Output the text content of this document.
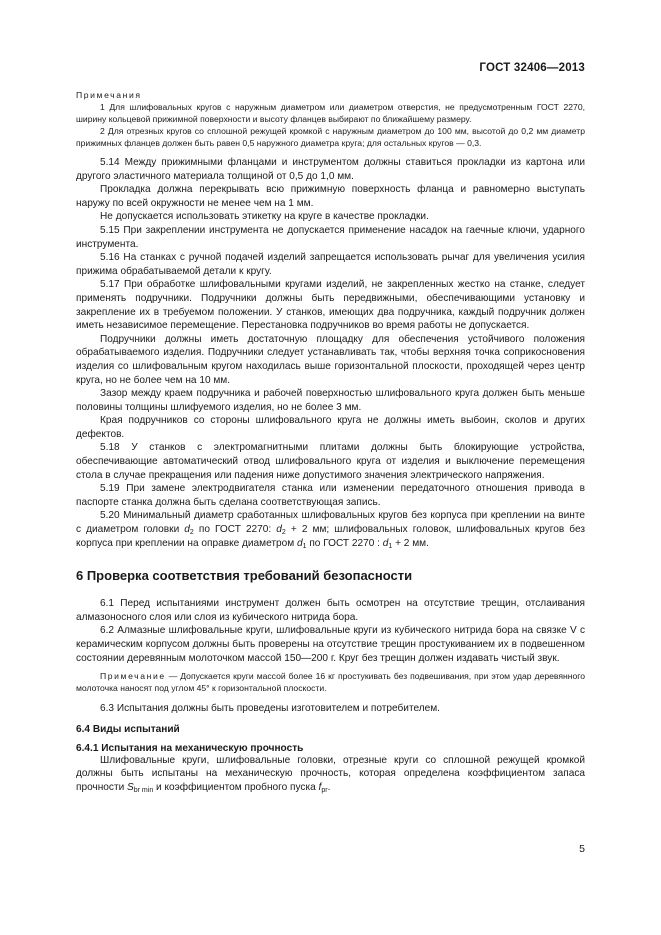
ГОСТ 32406—2013

Примечания

1 Для шлифовальных кругов с наружным диаметром или диаметром отверстия, не предусмотренным ГОСТ 2270, ширину кольцевой прижимной поверхности и высоту фланцев выбирают по ближайшему размеру.

2 Для отрезных кругов со сплошной режущей кромкой с наружным диаметром до 100 мм, высотой до 0,2 мм диаметр прижимных фланцев должен быть равен 0,5 наружного диаметра круга; для остальных кругов — 0,3.

5.14 Между прижимными фланцами и инструментом должны ставиться прокладки из картона или другого эластичного материала толщиной от 0,5 до 1,0 мм.

Прокладка должна перекрывать всю прижимную поверхность фланца и равномерно выступать наружу по всей окружности не менее чем на 1 мм.

Не допускается использовать этикетку на круге в качестве прокладки.

5.15 При закреплении инструмента не допускается применение насадок на гаечные ключи, ударного инструмента.

5.16 На станках с ручной подачей изделий запрещается использовать рычаг для увеличения усилия прижима обрабатываемой детали к кругу.

5.17 При обработке шлифовальными кругами изделий, не закрепленных жестко на станке, следует применять подручники. Подручники должны быть передвижными, обеспечивающими установку и закрепление их в требуемом положении. У станков, имеющих два подручника, каждый подручник должен иметь независимое перемещение. Перестановка подручников во время работы не допускается.

Подручники должны иметь достаточную площадку для обеспечения устойчивого положения обрабатываемого изделия. Подручники следует устанавливать так, чтобы верхняя точка соприкосновения изделия со шлифовальным кругом находилась выше горизонтальной плоскости, проходящей через центр круга, но не более чем на 10 мм.

Зазор между краем подручника и рабочей поверхностью шлифовального круга должен быть меньше половины толщины шлифуемого изделия, но не более 3 мм.

Края подручников со стороны шлифовального круга не должны иметь выбоин, сколов и других дефектов.

5.18 У станков с электромагнитными плитами должны быть блокирующие устройства, обеспечивающие автоматический отвод шлифовального круга от изделия и выключение перемещения стола в случае прекращения или падения ниже допустимого значения электрического напряжения.

5.19 При замене электродвигателя станка или изменении передаточного отношения привода в паспорте станка должна быть сделана соответствующая запись.

5.20 Минимальный диаметр сработанных шлифовальных кругов без корпуса при креплении на винте с диаметром головки $d_2$ по ГОСТ 2270: $d_2 + 2$ мм; шлифовальных головок, шлифовальных кругов без корпуса при креплении на оправке диаметром $d_1$ по ГОСТ 2270 : $d_1 + 2$ мм.

6 Проверка соответствия требований безопасности

6.1 Перед испытаниями инструмент должен быть осмотрен на отсутствие трещин, отслаивания алмазоносного слоя или слоя из кубического нитрида бора.

6.2 Алмазные шлифовальные круги, шлифовальные круги из кубического нитрида бора на связке V с керамическим корпусом должны быть проверены на отсутствие трещин простукиванием их в подвешенном состоянии деревянным молоточком массой 150—200 г. Круг без трещин должен издавать чистый звук.

Примечание — Допускается круги массой более 16 кг простукивать без подвешивания, при этом удар деревянного молоточка наносят под углом 45° к горизонтальной плоскости.

6.3 Испытания должны быть проведены изготовителем и потребителем.

6.4 Виды испытаний

6.4.1 Испытания на механическую прочность

Шлифовальные круги, шлифовальные головки, отрезные круги со сплошной режущей кромкой должны быть испытаны на механическую прочность, которая определена коэффициентом запаса прочности $S_{br min}$ и коэффициентом пробного пуска $f_{pr}$.

5
